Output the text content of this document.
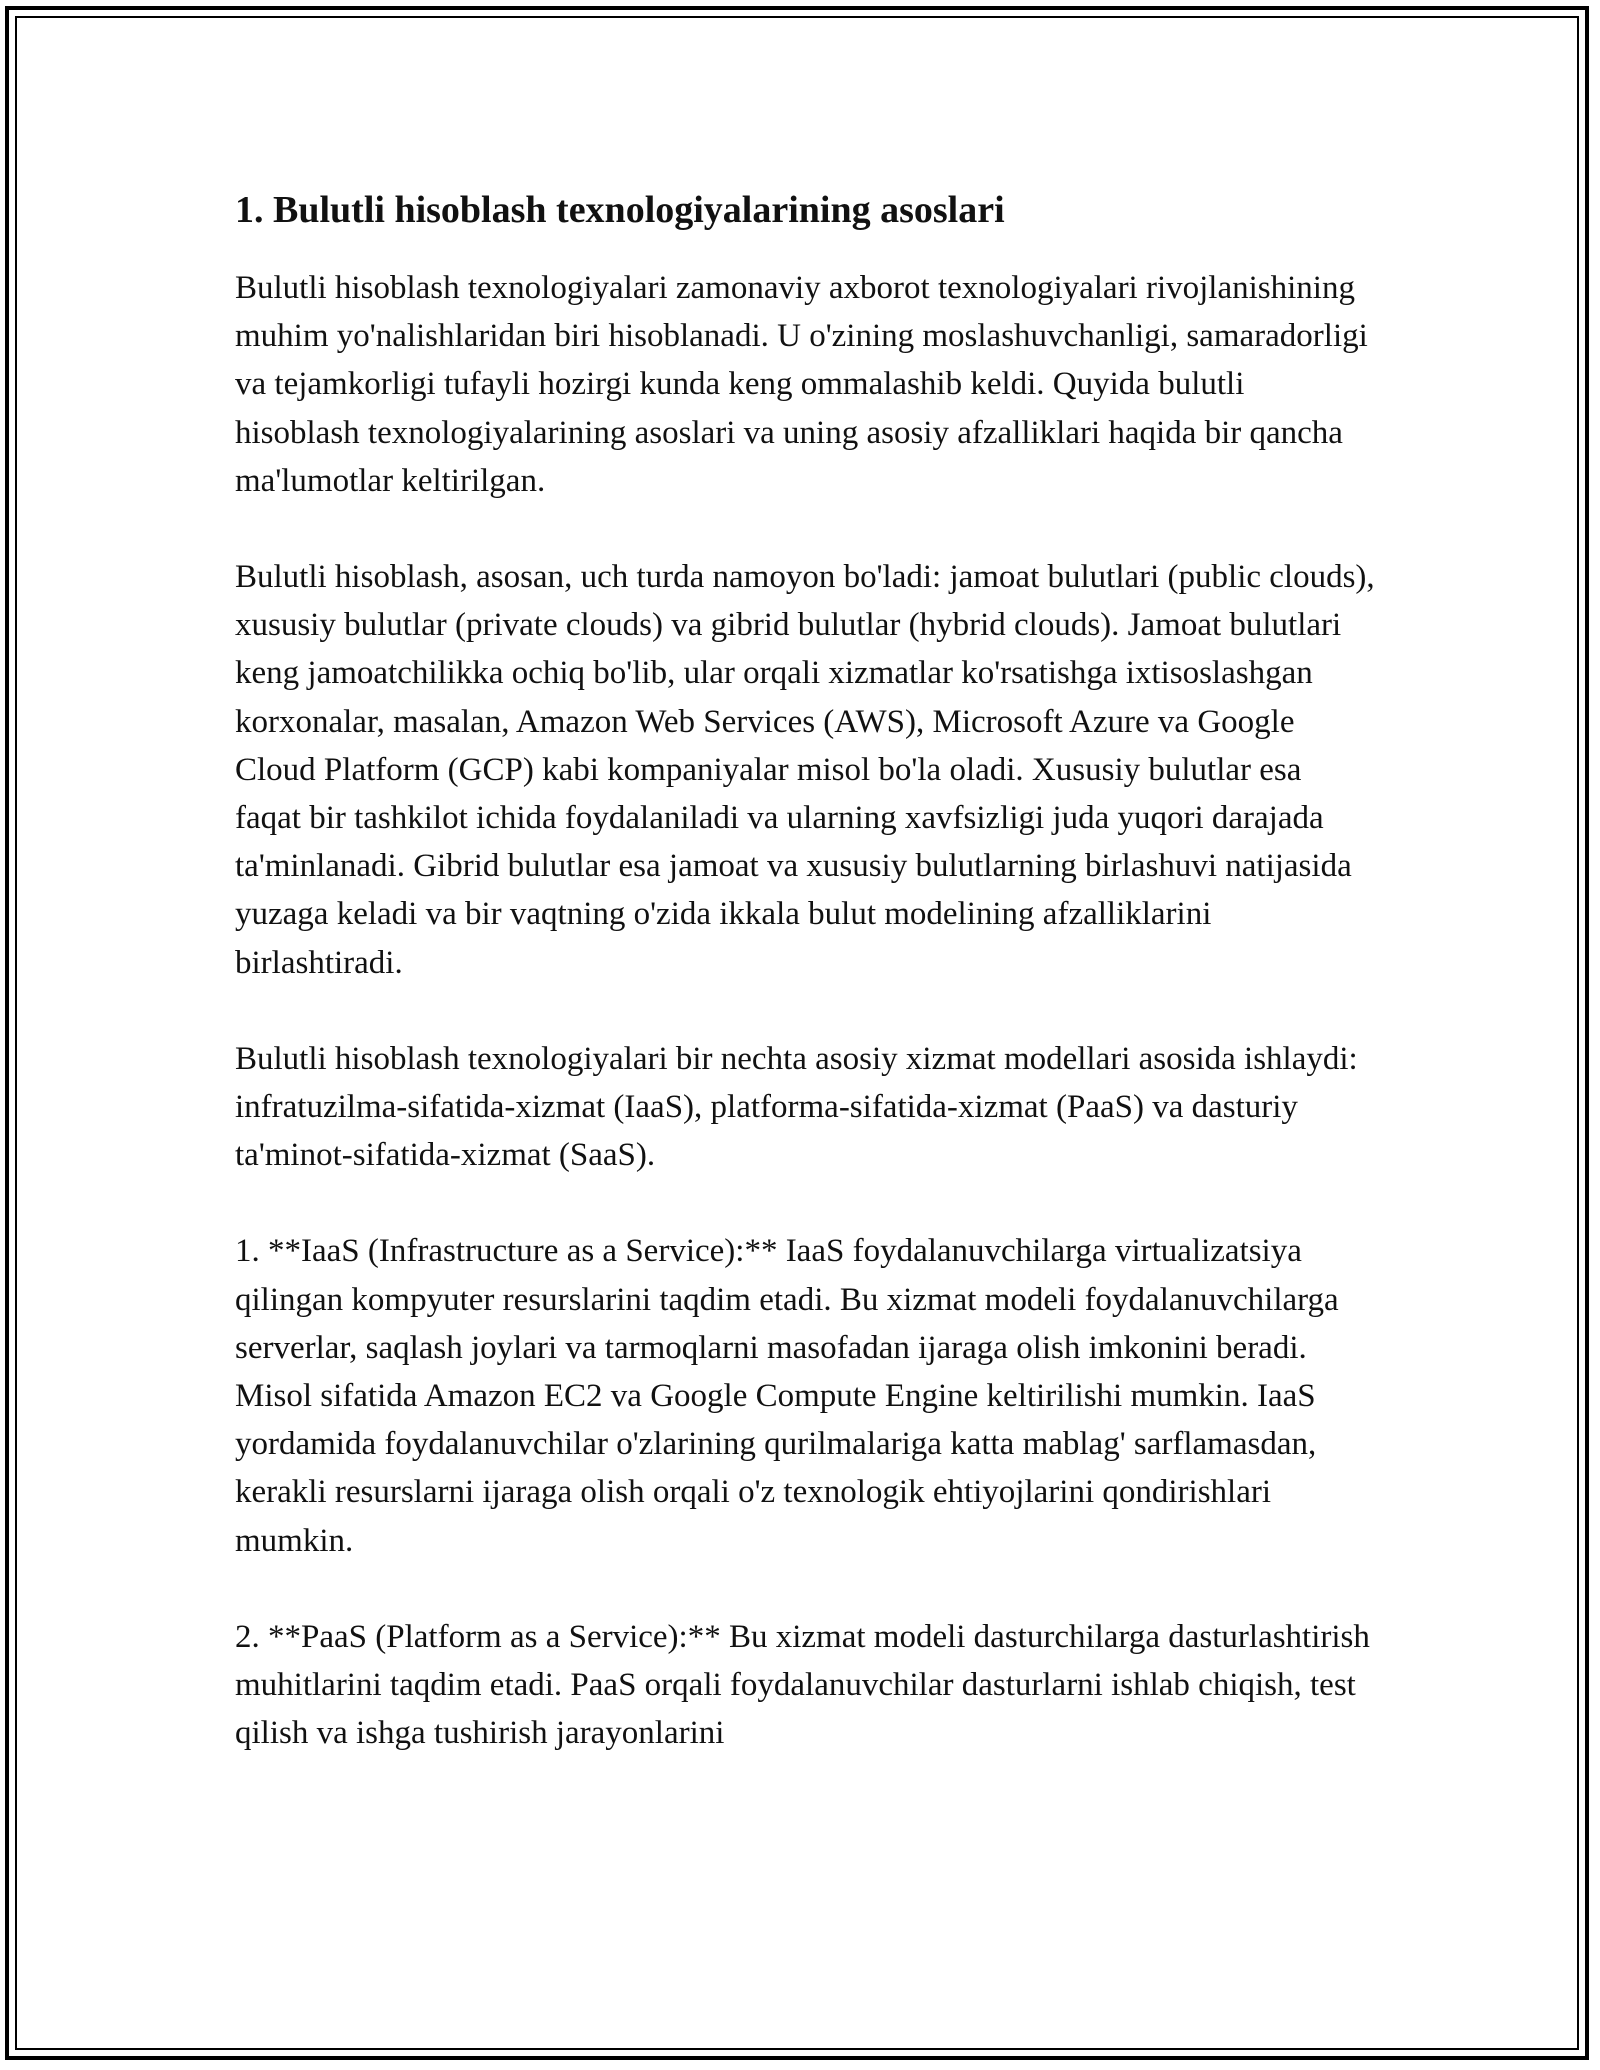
1. Bulutli hisoblash texnologiyalarining asoslari

Bulutli hisoblash texnologiyalari zamonaviy axborot texnologiyalari rivojlanishining muhim yo'nalishlaridan biri hisoblanadi. U o'zining moslashuvchanligi, samaradorligi va tejamkorligi tufayli hozirgi kunda keng ommalashib keldi. Quyida bulutli hisoblash texnologiyalarining asoslari va uning asosiy afzalliklari haqida bir qancha ma'lumotlar keltirilgan.

Bulutli hisoblash, asosan, uch turda namoyon bo'ladi: jamoat bulutlari (public clouds), xususiy bulutlar (private clouds) va gibrid bulutlar (hybrid clouds). Jamoat bulutlari keng jamoatchilikka ochiq bo'lib, ular orqali xizmatlar ko'rsatishga ixtisoslashgan korxonalar, masalan, Amazon Web Services (AWS), Microsoft Azure va Google Cloud Platform (GCP) kabi kompaniyalar misol bo'la oladi. Xususiy bulutlar esa faqat bir tashkilot ichida foydalaniladi va ularning xavfsizligi juda yuqori darajada ta'minlanadi. Gibrid bulutlar esa jamoat va xususiy bulutlarning birlashuvi natijasida yuzaga keladi va bir vaqtning o'zida ikkala bulut modelining afzalliklarini birlashtiradi.

Bulutli hisoblash texnologiyalari bir nechta asosiy xizmat modellari asosida ishlaydi: infratuzilma-sifatida-xizmat (IaaS), platforma-sifatida-xizmat (PaaS) va dasturiy ta'minot-sifatida-xizmat (SaaS).

1. **IaaS (Infrastructure as a Service):** IaaS foydalanuvchilarga virtualizatsiya qilingan kompyuter resurslarini taqdim etadi. Bu xizmat modeli foydalanuvchilarga serverlar, saqlash joylari va tarmoqlarni masofadan ijaraga olish imkonini beradi. Misol sifatida Amazon EC2 va Google Compute Engine keltirilishi mumkin. IaaS yordamida foydalanuvchilar o'zlarining qurilmalariga katta mablag' sarflamasdan, kerakli resurslarni ijaraga olish orqali o'z texnologik ehtiyojlarini qondirishlari mumkin.

2. **PaaS (Platform as a Service):** Bu xizmat modeli dasturchilarga dasturlashtirish muhitlarini taqdim etadi. PaaS orqali foydalanuvchilar dasturlarni ishlab chiqish, test qilish va ishga tushirish jarayonlarini
